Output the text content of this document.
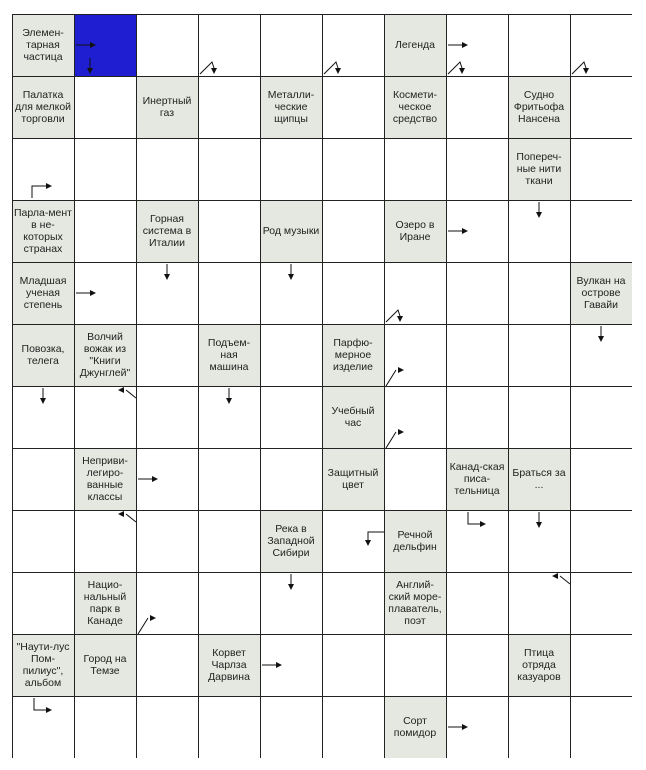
Элемен-тарная частица
Легенда
Палатка для мелкой торговли
Инертный газ
Металли-ческие щипцы
Космети-ческое средство
Судно Фритьофа Нансена
Попереч-ные нити ткани
Парла-мент в не-которых странах
Горная система в Италии
Род музыки	Озеро в Иране
Младшая ученая степень
Вулкан на острове Гавайи
Повозка, телега
Волчий вожак из "Книги Джунглей"
Подъем-ная машина
Парфю-мерное изделие
Учебный час
Неприви-легиро-ванные классы
Защитный цвет
Канад-ская писа-тельница
Браться за ...
Река в Западной Сибири
Речной дельфин
Нацио-нальный парк в Канаде
Англий-ский море-плаватель, поэт
"Наути-лус Пом-пилиус", альбом
Город на Темзе
Корвет Чарлза Дарвина
Птица отряда казуаров
Сорт помидор
